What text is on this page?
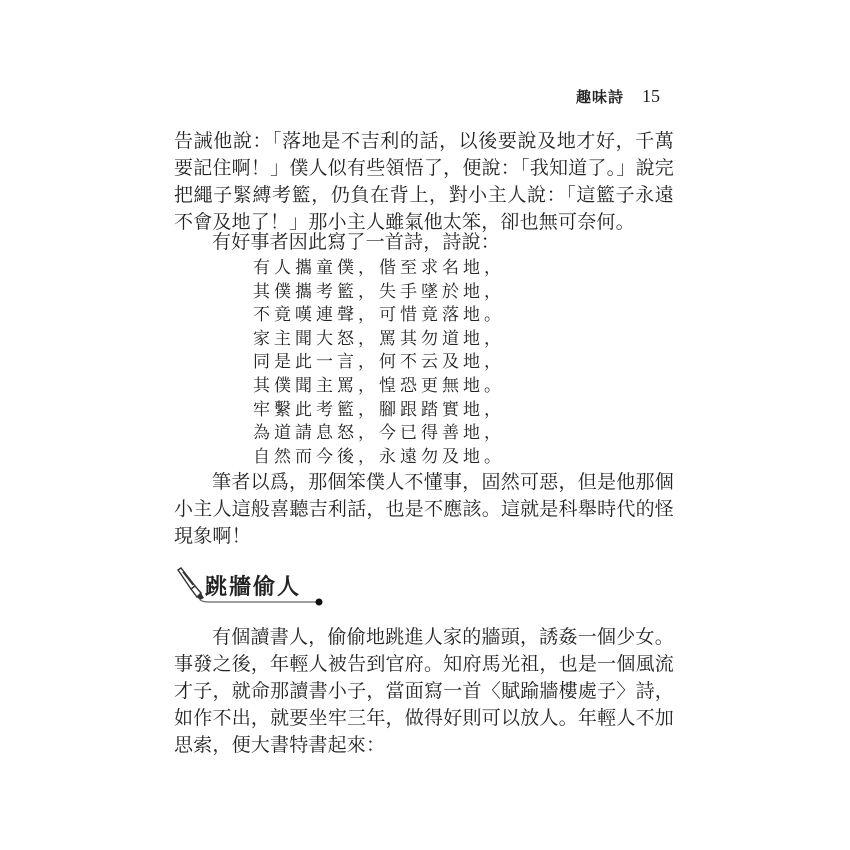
趣味詩 15

告誡他說：「落地是不吉利的話，以後要說及地才好，千萬要記住啊！」僕人似有些領悟了，便說：「我知道了。」說完把繩子緊縛考籃，仍負在背上，對小主人說：「這籃子永遠不會及地了！」那小主人雖氣他太笨，卻也無可奈何。

有好事者因此寫了一首詩，詩說：

有人攜童僕，偕至求名地，
其僕攜考籃，失手墜於地，
不竟嘆連聲，可惜竟落地。
家主聞大怒，罵其勿道地，
同是此一言，何不云及地，
其僕聞主罵，惶恐更無地。
牢繫此考籃，腳跟踏實地，
為道請息怒，今已得善地，
自然而今後，永遠勿及地。

筆者以爲，那個笨僕人不懂事，固然可惡，但是他那個小主人這般喜聽吉利話，也是不應該。這就是科舉時代的怪現象啊！

跳牆偷人

有個讀書人，偷偷地跳進人家的牆頭，誘姦一個少女。事發之後，年輕人被告到官府。知府馬光祖，也是一個風流才子，就命那讀書小子，當面寫一首〈賦踰牆樓處子〉詩，如作不出，就要坐牢三年，做得好則可以放人。年輕人不加思索，便大書特書起來：
